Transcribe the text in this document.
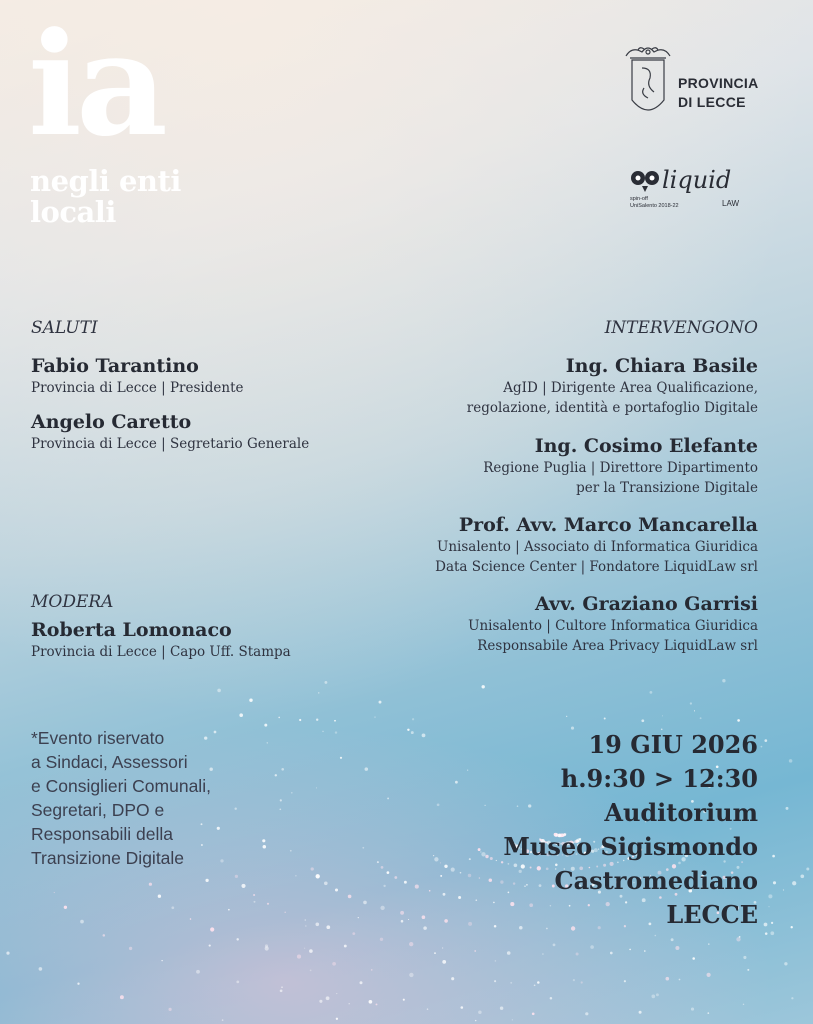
ia
negli enti
locali
PROVINCIA
DI LECCE
liquid
LAW
spin-off
UniSalento 2018-22
SALUTI
Fabio Tarantino
Provincia di Lecce | Presidente
Angelo Caretto
Provincia di Lecce | Segretario Generale
MODERA
Roberta Lomonaco
Provincia di Lecce | Capo Uff. Stampa
INTERVENGONO
Ing. Chiara Basile
AgID | Dirigente Area Qualificazione,
regolazione, identità e portafoglio Digitale
Ing. Cosimo Elefante
Regione Puglia | Direttore Dipartimento
per la Transizione Digitale
Prof. Avv. Marco Mancarella
Unisalento | Associato di Informatica Giuridica
Data Science Center | Fondatore LiquidLaw srl
Avv. Graziano Garrisi
Unisalento | Cultore Informatica Giuridica
Responsabile Area Privacy LiquidLaw srl
*Evento riservato
a Sindaci, Assessori
e Consiglieri Comunali,
Segretari, DPO e
Responsabili della
Transizione Digitale
19 GIU 2026
h.9:30 > 12:30
Auditorium
Museo Sigismondo
Castromediano
LECCE
